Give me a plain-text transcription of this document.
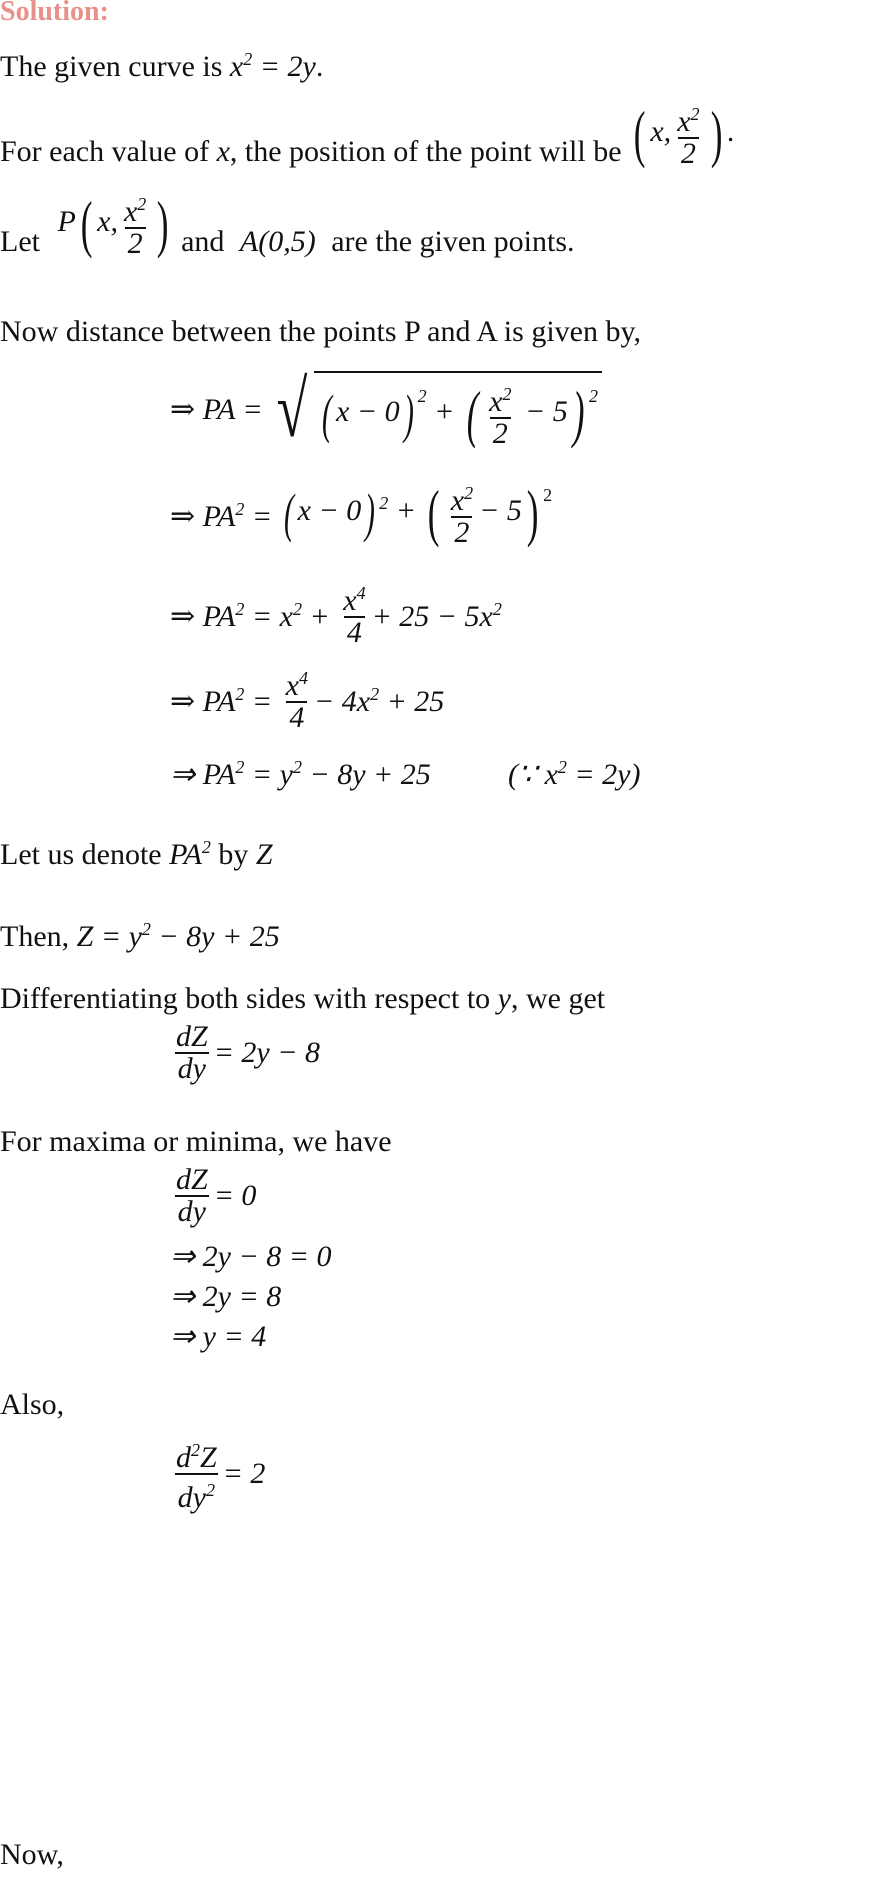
Solution:
The given curve is $x^2 = 2y$.
For each value of x, the position of the point will be ( x, $\frac{x^2}{2}$ ) .
Let P( x, $\frac{x^2}{2}$ ) and A(0,5) are the given points.
Now distance between the points P and A is given by,
⇒ PA = √ ( x − 0) $^2$ + ( $\frac{x^2}{2} - 5$) $^2$
⇒ $PA^2$ = ( x − 0) $^2$ + ( $\frac{x^2}{2} - 5$) $^2$
⇒ $PA^2 = x^2 + \frac{x^4}{4} + 25 - 5x^2$
⇒ $PA^2 = \frac{x^4}{4} - 4x^2 + 25$
⇒ $PA^2 = y^2 - 8y + 25$	(∵ $x^2 = 2y$)
Let us denote $PA^2$ by Z
Then, $Z = y^2 - 8y + 25$
Differentiating both sides with respect to y, we get
$\frac{dZ}{dy} = 2y - 8$
For maxima or minima, we have
$\frac{dZ}{dy} = 0$
⇒ 2y − 8 = 0
⇒ 2y = 8
⇒ y = 4
Also,
$\frac{d^2Z}{dy^2} = 2$
Now,
